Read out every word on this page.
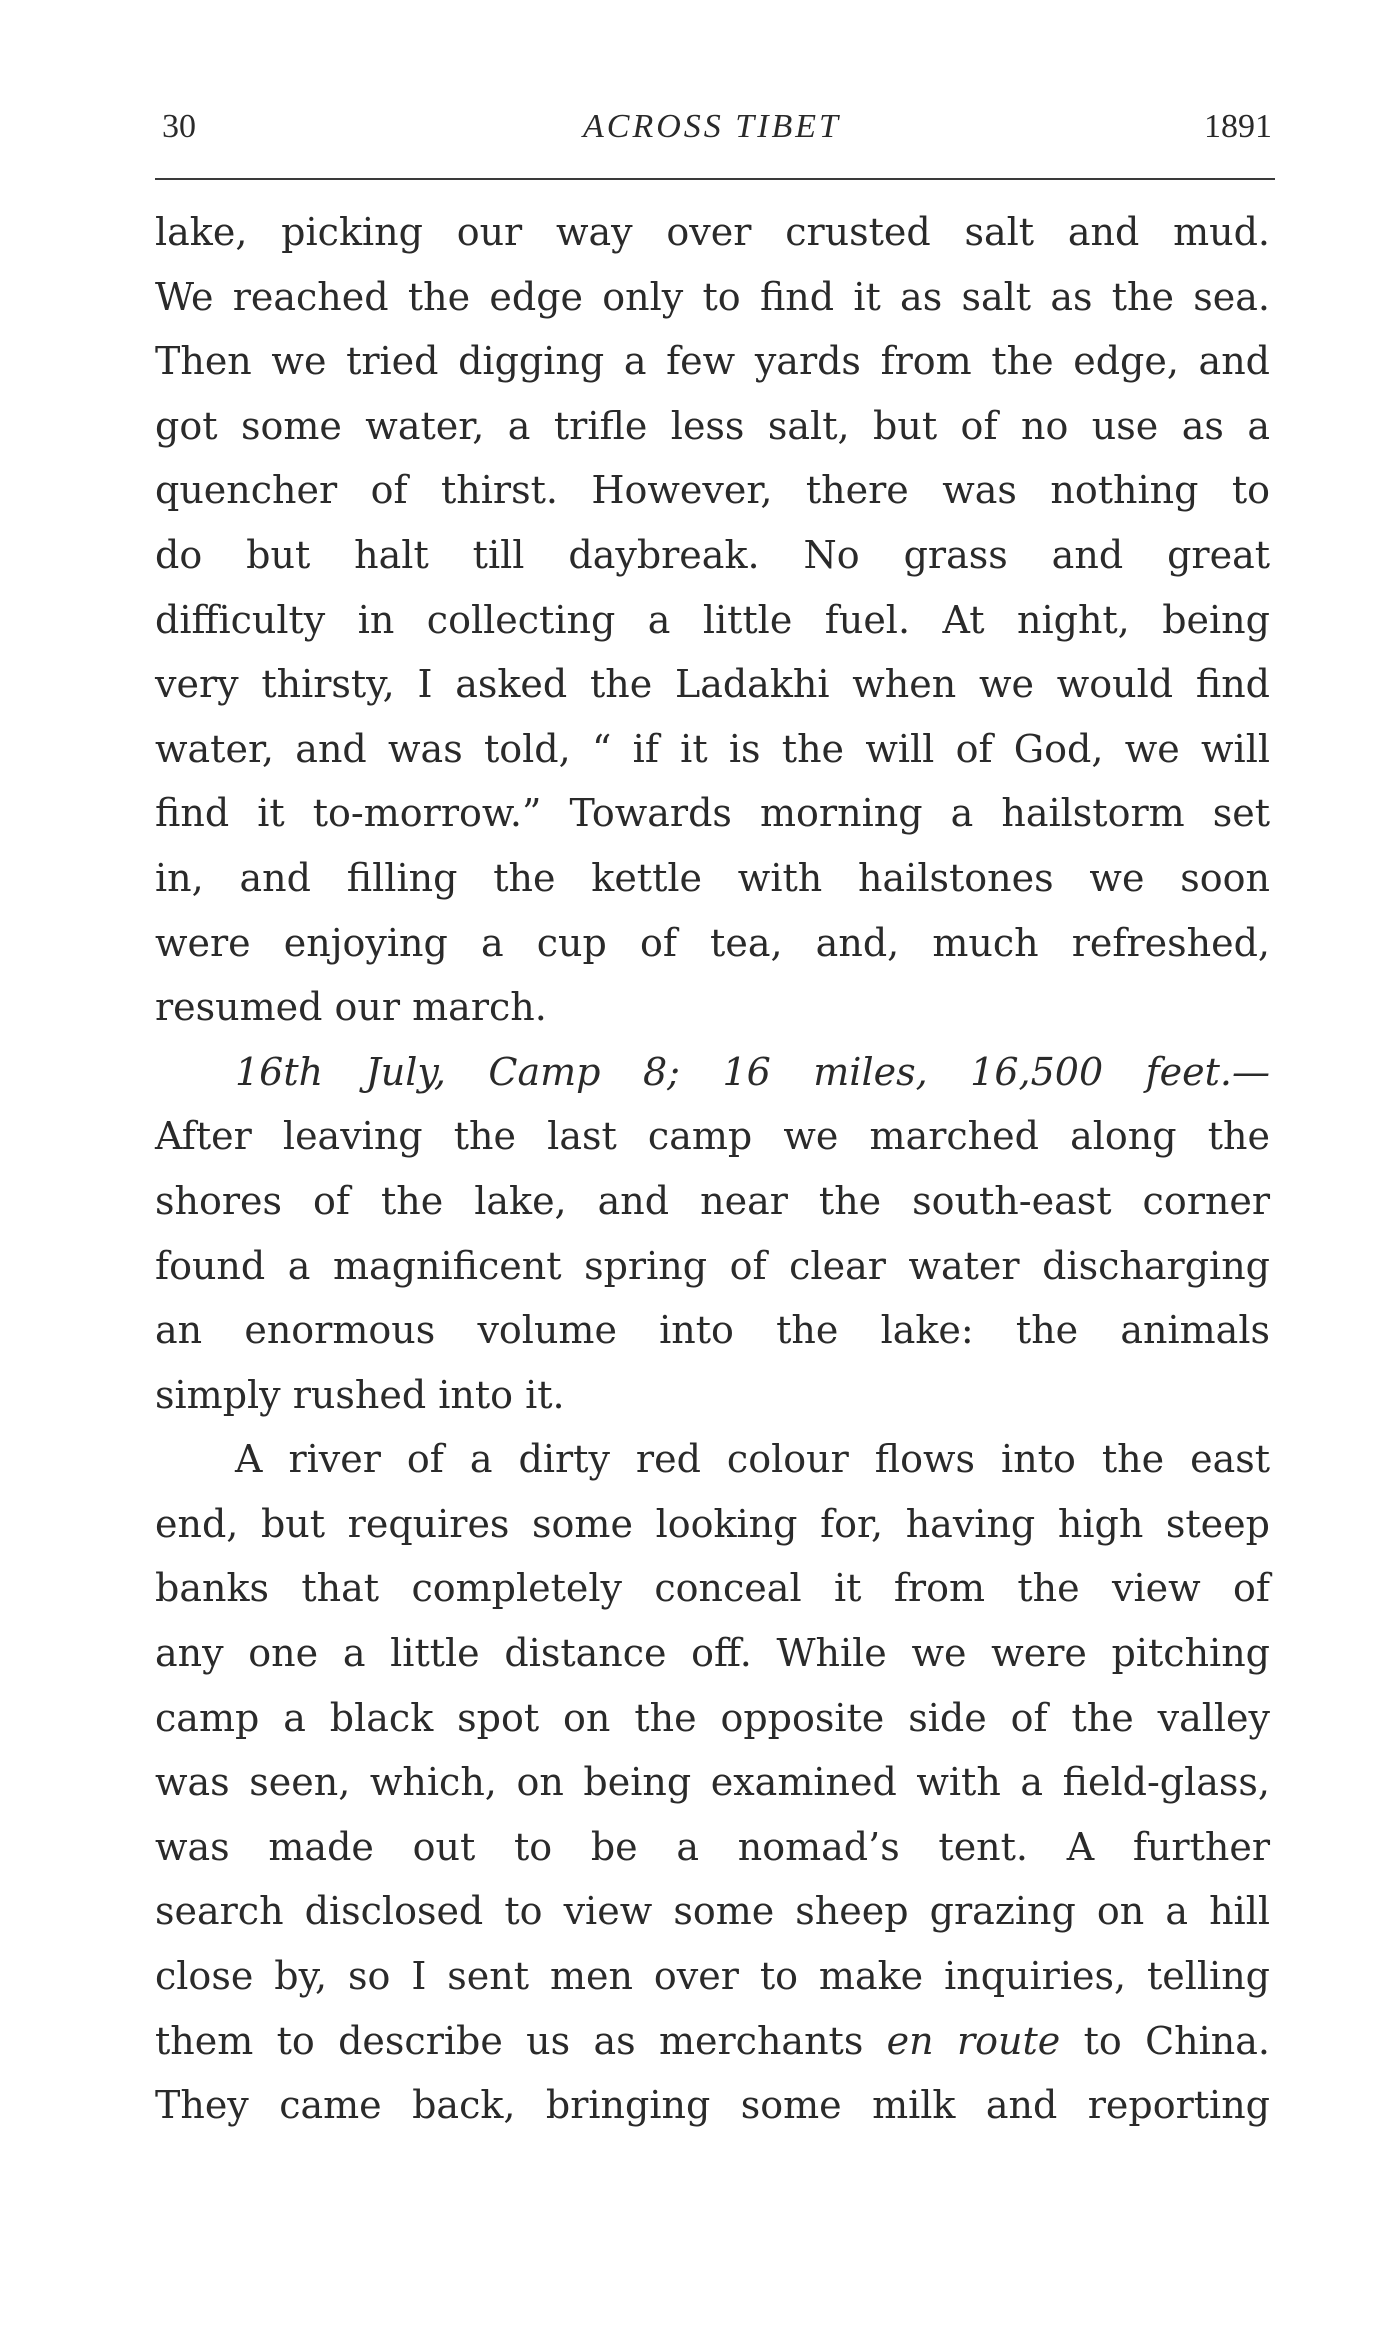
30	ACROSS TIBET	1891
lake, picking our way over crusted salt and mud.
We reached the edge only to find it as salt as the sea.
Then we tried digging a few yards from the edge, and
got some water, a trifle less salt, but of no use as a
quencher of thirst. However, there was nothing to
do but halt till daybreak. No grass and great
difficulty in collecting a little fuel. At night, being
very thirsty, I asked the Ladakhi when we would find
water, and was told, “ if it is the will of God, we will
find it to-morrow.” Towards morning a hailstorm set
in, and filling the kettle with hailstones we soon
were enjoying a cup of tea, and, much refreshed,
resumed our march.
16th July, Camp 8; 16 miles, 16,500 feet.—
After leaving the last camp we marched along the
shores of the lake, and near the south-east corner
found a magnificent spring of clear water discharging
an enormous volume into the lake: the animals
simply rushed into it.
A river of a dirty red colour flows into the east
end, but requires some looking for, having high steep
banks that completely conceal it from the view of
any one a little distance off. While we were pitching
camp a black spot on the opposite side of the valley
was seen, which, on being examined with a field-glass,
was made out to be a nomad’s tent. A further
search disclosed to view some sheep grazing on a hill
close by, so I sent men over to make inquiries, telling
them to describe us as merchants en route to China.
They came back, bringing some milk and reporting
